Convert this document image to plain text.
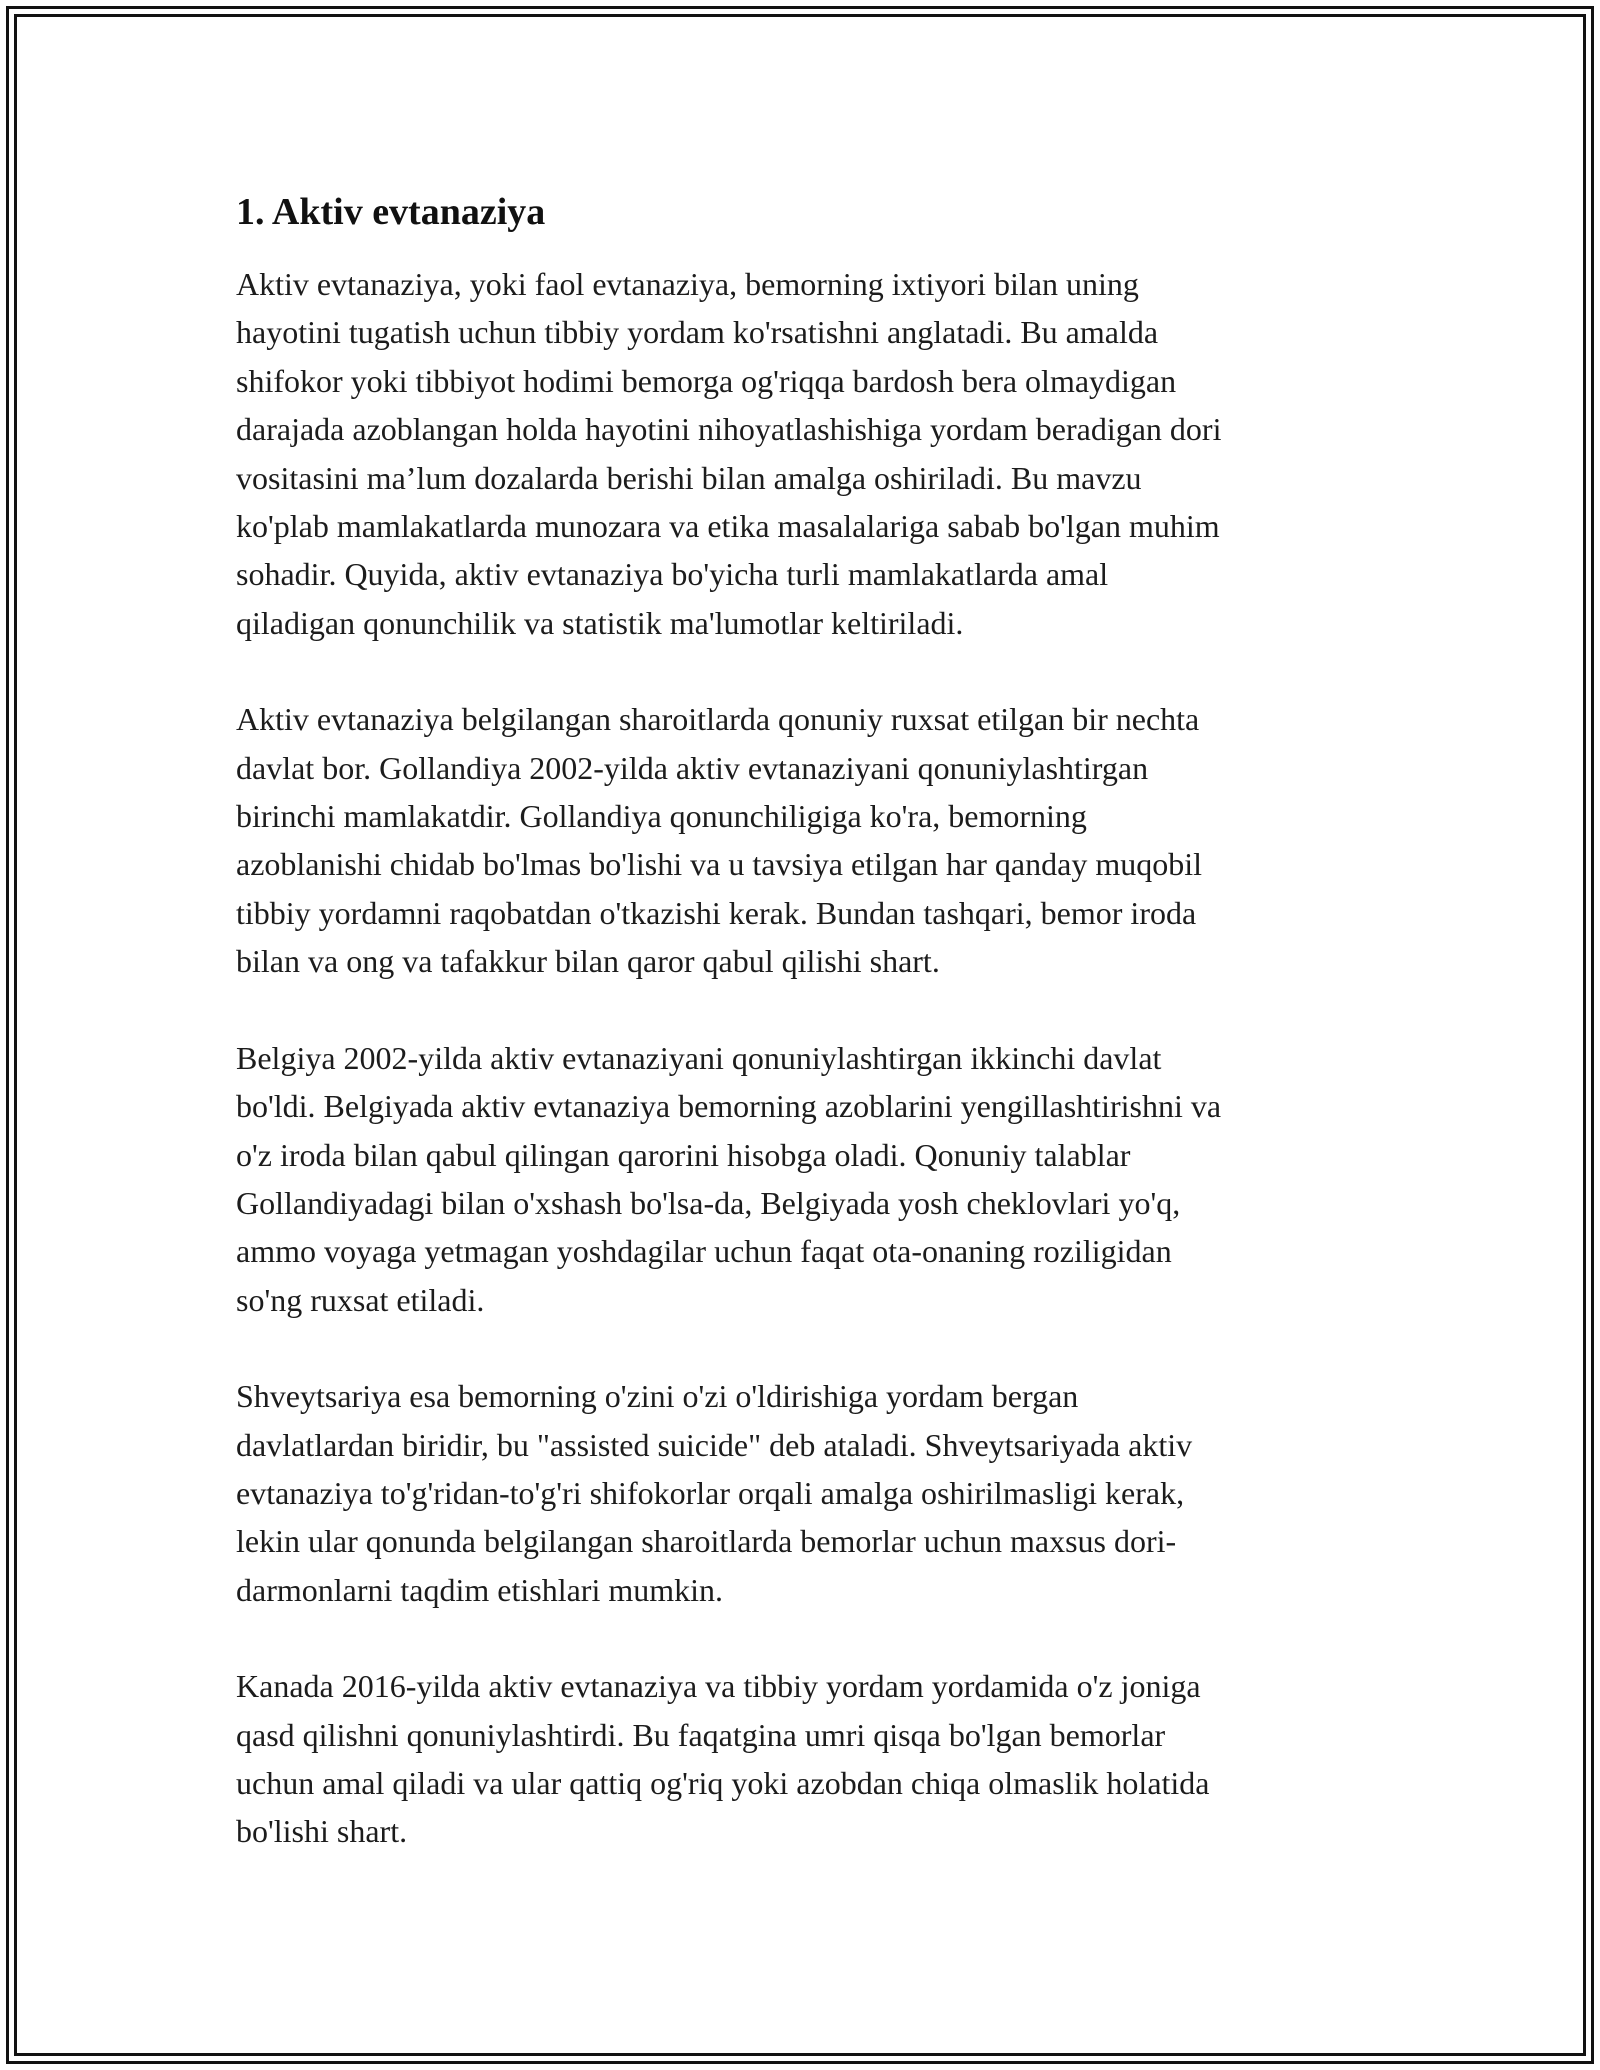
1. Aktiv evtanaziya

Aktiv evtanaziya, yoki faol evtanaziya, bemorning ixtiyori bilan uning
hayotini tugatish uchun tibbiy yordam ko'rsatishni anglatadi. Bu amalda
shifokor yoki tibbiyot hodimi bemorga og'riqqa bardosh bera olmaydigan
darajada azoblangan holda hayotini nihoyatlashishiga yordam beradigan dori
vositasini ma’lum dozalarda berishi bilan amalga oshiriladi. Bu mavzu
ko'plab mamlakatlarda munozara va etika masalalariga sabab bo'lgan muhim
sohadir. Quyida, aktiv evtanaziya bo'yicha turli mamlakatlarda amal
qiladigan qonunchilik va statistik ma'lumotlar keltiriladi.

Aktiv evtanaziya belgilangan sharoitlarda qonuniy ruxsat etilgan bir nechta
davlat bor. Gollandiya 2002-yilda aktiv evtanaziyani qonuniylashtirgan
birinchi mamlakatdir. Gollandiya qonunchiligiga ko'ra, bemorning
azoblanishi chidab bo'lmas bo'lishi va u tavsiya etilgan har qanday muqobil
tibbiy yordamni raqobatdan o'tkazishi kerak. Bundan tashqari, bemor iroda
bilan va ong va tafakkur bilan qaror qabul qilishi shart.

Belgiya 2002-yilda aktiv evtanaziyani qonuniylashtirgan ikkinchi davlat
bo'ldi. Belgiyada aktiv evtanaziya bemorning azoblarini yengillashtirishni va
o'z iroda bilan qabul qilingan qarorini hisobga oladi. Qonuniy talablar
Gollandiyadagi bilan o'xshash bo'lsa-da, Belgiyada yosh cheklovlari yo'q,
ammo voyaga yetmagan yoshdagilar uchun faqat ota-onaning roziligidan
so'ng ruxsat etiladi.

Shveytsariya esa bemorning o'zini o'zi o'ldirishiga yordam bergan
davlatlardan biridir, bu "assisted suicide" deb ataladi. Shveytsariyada aktiv
evtanaziya to'g'ridan-to'g'ri shifokorlar orqali amalga oshirilmasligi kerak,
lekin ular qonunda belgilangan sharoitlarda bemorlar uchun maxsus dori-
darmonlarni taqdim etishlari mumkin.

Kanada 2016-yilda aktiv evtanaziya va tibbiy yordam yordamida o'z joniga
qasd qilishni qonuniylashtirdi. Bu faqatgina umri qisqa bo'lgan bemorlar
uchun amal qiladi va ular qattiq og'riq yoki azobdan chiqa olmaslik holatida
bo'lishi shart.
